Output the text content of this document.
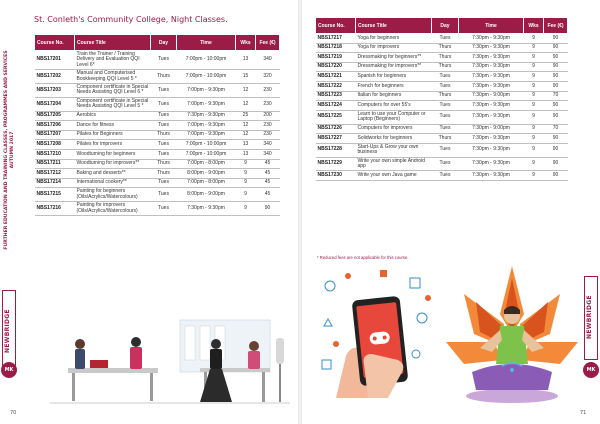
FURTHER EDUCATION AND TRAINING CLASSES, PROGRAMMES AND SERVICES AUTUMN 2017
NEWBRIDGE
MK
St. Conleth's Community College, Night Classes.
Course No.	Course Title	Day	Time	Wks	Fee (€)
NBS17201	Train the Trainer / Training Delivery and Evaluation QQI Level 6*	Tues	7:00pm - 10:00pm	13	340
NBS17202	Manual and Computerised Bookkeeping QQI Level 5 *	Thurs	7:00pm - 10:00pm	15	320
NBS17203	Component certificate in Special Needs Assisting QQI Level 6 *	Tues	7:00pm - 9:30pm	12	230
NBS17204	Component certificate in Special Needs Assisting QQI Level 5 *	Tues	7:00pm - 9:30pm	12	230
NBS17205	Aerobics	Tues	7:30pm - 9:30pm	25	200
NBS17206	Dance for fitness	Tues	7:00pm - 9:30pm	12	230
NBS17207	Pilates for Beginners	Thurs	7:00pm - 9:30pm	12	230
NBS17208	Pilates for improvers	Tues	7:00pm - 10:00pm	13	340
NBS17210	Woodturning for beginners	Tues	7:00pm - 10:00pm	13	340
NBS17211	Woodturning for improvers**	Thurs	7:00pm - 8:00pm	9	45
NBS17212	Baking and desserts**	Thurs	8:00pm - 9:00pm	9	45
NBS17214	International cookery**	Tues	7:00pm - 8:00pm	9	45
NBS17215	Painting for beginners (Oils/Acrylics/Watercolours)	Tues	8:00pm - 9:00pm	9	45
NBS17216	Painting for improvers (Oils/Acrylics/Watercolours)	Tues	7:30pm - 9:30pm	9	90
70
Course No.	Course Title	Day	Time	Wks	Fee (€)
NBS17217	Yoga for beginners	Tues	7:30pm - 9:30pm	9	90
NBS17218	Yoga for improvers	Thurs	7:30pm - 9:30pm	9	90
NBS17219	Dressmaking for beginners**	Thurs	7:30pm - 9:30pm	9	90
NBS17220	Dressmaking for improvers**	Thurs	7:30pm - 9:30pm	9	90
NBS17221	Spanish for beginners	Tues	7:30pm - 9:30pm	9	90
NBS17222	French for beginners	Tues	7:30pm - 9:30pm	9	90
NBS17223	Italian for beginners	Thurs	7:30pm - 9:00pm	9	70
NBS17224	Computers for over 55's	Tues	7:30pm - 9:30pm	9	90
NBS17225	Learn to use your Computer or Laptop (Beginners)	Tues	7:30pm - 9:30pm	9	90
NBS17226	Computers for improvers	Tues	7:30pm - 9:00pm	9	70
NBS17227	Solidworks for beginners	Thurs	7:30pm - 9:30pm	9	90
NBS17228	Start-Ups & Grow your own business	Tues	7:30pm - 9:30pm	9	90
NBS17229	Write your own simple Android app	Tues	7:30pm - 9:30pm	9	90
NBS17230	Write your own Java game	Tues	7:30pm - 9:30pm	9	90
* Reduced fees are not applicable for this course.
NEWBRIDGE
MK
71
